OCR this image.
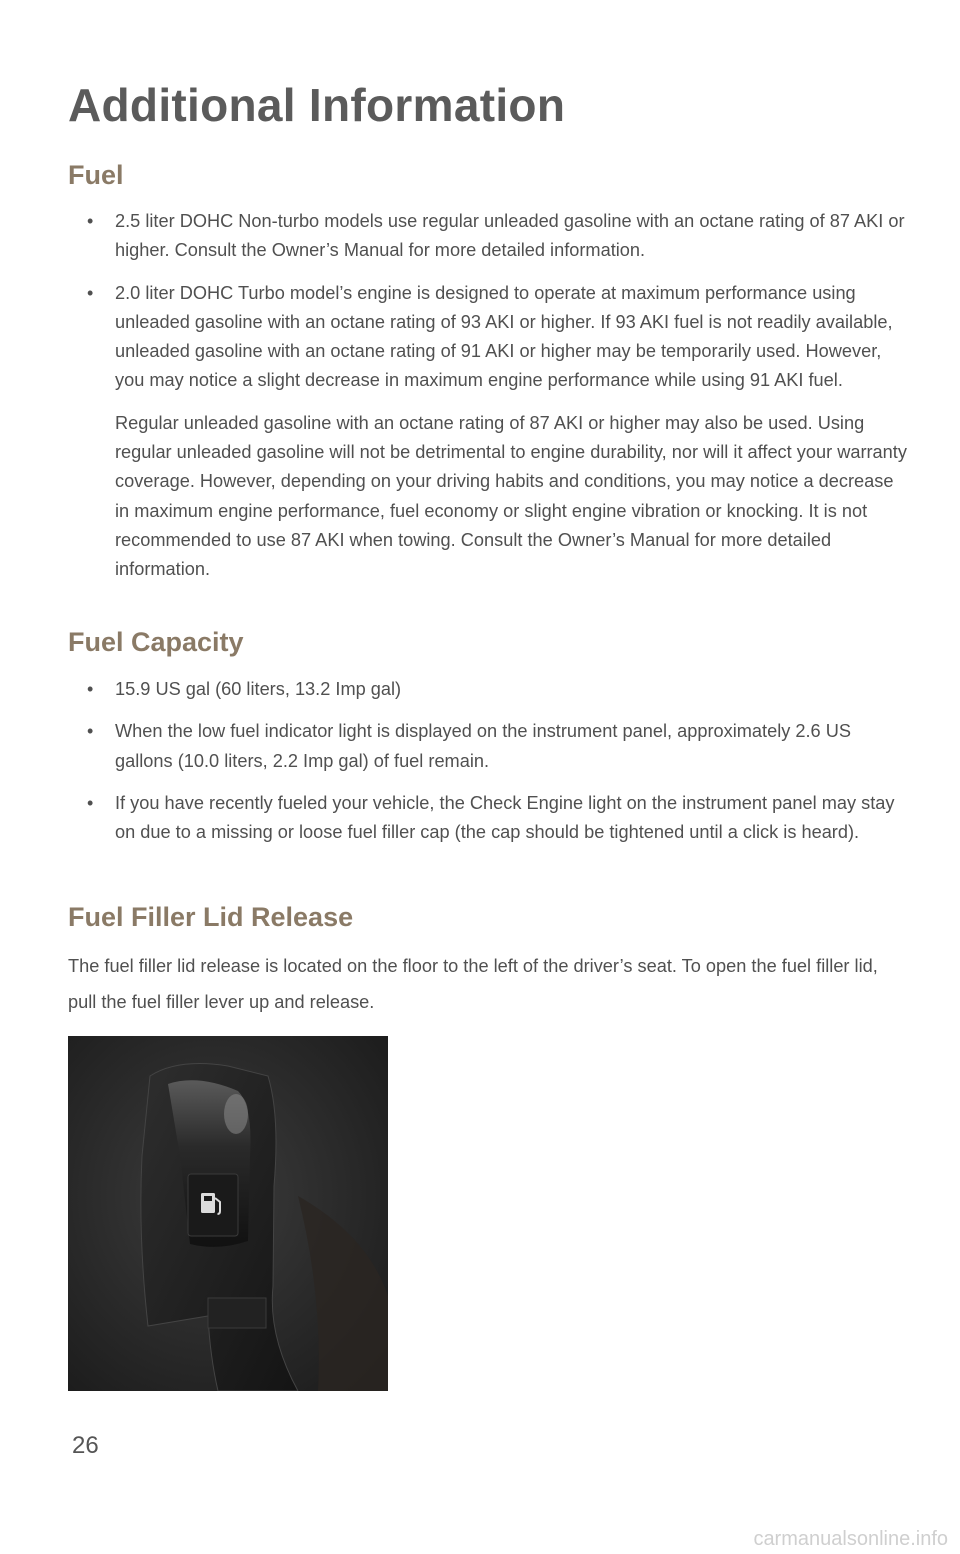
Additional Information
Fuel
• 2.5 liter DOHC Non-turbo models use regular unleaded gasoline with an octane rating of 87 AKI or higher. Consult the Owner’s Manual for more detailed information.
• 2.0 liter DOHC Turbo model’s engine is designed to operate at maximum performance using unleaded gasoline with an octane rating of 93 AKI or higher. If 93 AKI fuel is not readily available, unleaded gasoline with an octane rating of 91 AKI or higher may be temporarily used. However, you may notice a slight decrease in maximum engine performance while using 91 AKI fuel.
Regular unleaded gasoline with an octane rating of 87 AKI or higher may also be used. Using regular unleaded gasoline will not be detrimental to engine durability, nor will it affect your warranty coverage. However, depending on your driving habits and conditions, you may notice a decrease in maximum engine performance, fuel economy or slight engine vibration or knocking. It is not recommended to use 87 AKI when towing. Consult the Owner’s Manual for more detailed information.
Fuel Capacity
• 15.9 US gal (60 liters, 13.2 Imp gal)
• When the low fuel indicator light is displayed on the instrument panel, approximately 2.6 US gallons (10.0 liters, 2.2 Imp gal) of fuel remain.
• If you have recently fueled your vehicle, the Check Engine light on the instrument panel may stay on due to a missing or loose fuel filler cap (the cap should be tightened until a click is heard).
Fuel Filler Lid Release

The fuel filler lid release is located on the floor to the left of the driver’s seat. To open the fuel filler lid, pull the fuel filler lever up and release.

26

carmanualsonline.info
